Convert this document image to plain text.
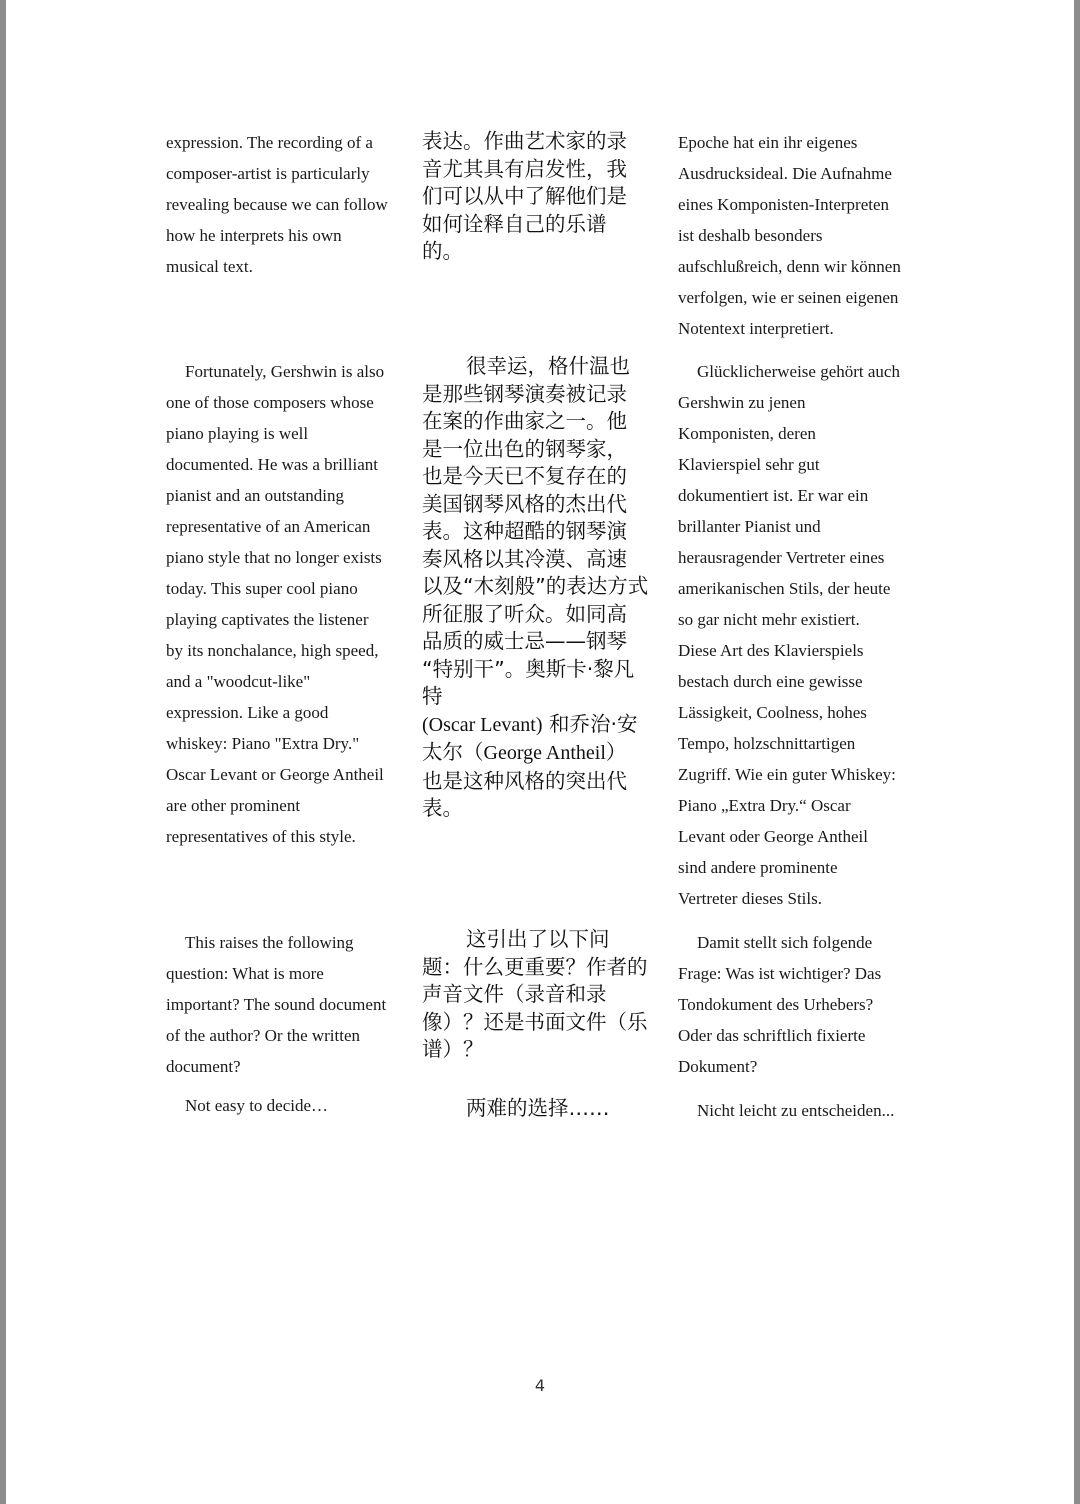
expression. The recording of a
composer-artist is particularly
revealing because we can follow
how he interprets his own
musical text.
Fortunately, Gershwin is also
one of those composers whose
piano playing is well
documented. He was a brilliant
pianist and an outstanding
representative of an American
piano style that no longer exists
today. This super cool piano
playing captivates the listener
by its nonchalance, high speed,
and a "woodcut-like"
expression. Like a good
whiskey: Piano "Extra Dry."
Oscar Levant or George Antheil
are other prominent
representatives of this style.
This raises the following
question: What is more
important? The sound document
of the author? Or the written
document?
Not easy to decide…
表达。作曲艺术家的录
音尤其具有启发性，我
们可以从中了解他们是
如何诠释自己的乐谱
的。
很幸运，格什温也
是那些钢琴演奏被记录
在案的作曲家之一。他
是一位出色的钢琴家，
也是今天已不复存在的
美国钢琴风格的杰出代
表。这种超酷的钢琴演
奏风格以其冷漠、高速
以及“木刻般”的表达方式
所征服了听众。如同高
品质的威士忌——钢琴
“特别干”。奥斯卡·黎凡
特
(Oscar Levant) 和乔治·安
太尔（George Antheil）
也是这种风格的突出代
表。
这引出了以下问
题：什么更重要？作者的
声音文件（录音和录
像）？还是书面文件（乐
谱）？
两难的选择……
Epoche hat ein ihr eigenes
Ausdrucksideal. Die Aufnahme
eines Komponisten-Interpreten
ist deshalb besonders
aufschlußreich, denn wir können
verfolgen, wie er seinen eigenen
Notentext interpretiert.
Glücklicherweise gehört auch
Gershwin zu jenen
Komponisten, deren
Klavierspiel sehr gut
dokumentiert ist. Er war ein
brillanter Pianist und
herausragender Vertreter eines
amerikanischen Stils, der heute
so gar nicht mehr existiert.
Diese Art des Klavierspiels
bestach durch eine gewisse
Lässigkeit, Coolness, hohes
Tempo, holzschnittartigen
Zugriff. Wie ein guter Whiskey:
Piano „Extra Dry.“ Oscar
Levant oder George Antheil
sind andere prominente
Vertreter dieses Stils.
Damit stellt sich folgende
Frage: Was ist wichtiger? Das
Tondokument des Urhebers?
Oder das schriftlich fixierte
Dokument?
Nicht leicht zu entscheiden...
4
